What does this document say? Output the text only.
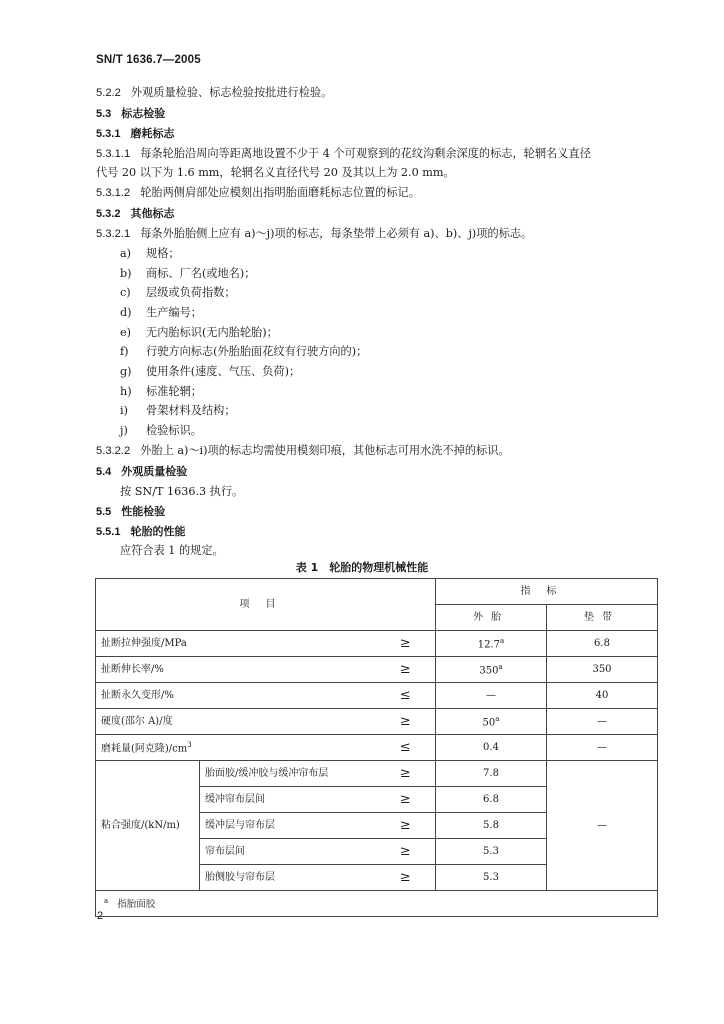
SN/T 1636.7—2005
5.2.2 外观质量检验、标志检验按批进行检验。
5.3 标志检验
5.3.1 磨耗标志
5.3.1.1 每条轮胎沿周向等距离地设置不少于 4 个可观察到的花纹沟剩余深度的标志，轮辋名义直径
代号 20 以下为 1.6 mm，轮辋名义直径代号 20 及其以上为 2.0 mm。
5.3.1.2 轮胎两侧肩部处应模刻出指明胎面磨耗标志位置的标记。
5.3.2 其他标志
5.3.2.1 每条外胎胎侧上应有 a)～j)项的标志，每条垫带上必须有 a)、b)、j)项的标志。
a) 规格；
b) 商标、厂名(或地名)；
c) 层级或负荷指数；
d) 生产编号；
e) 无内胎标识(无内胎轮胎)；
f) 行驶方向标志(外胎胎面花纹有行驶方向的)；
g) 使用条件(速度、气压、负荷)；
h) 标准轮辋；
i) 骨架材料及结构；
j) 检验标识。
5.3.2.2 外胎上 a)～i)项的标志均需使用模刻印痕，其他标志可用水洗不掉的标识。
5.4 外观质量检验
按 SN/T 1636.3 执行。
5.5 性能检验
5.5.1 轮胎的性能
应符合表 1 的规定。
表 1　轮胎的物理机械性能
项目			指标	
			外胎	垫带
扯断拉伸强度/MPa		≥	12.7$^a$	6.8
扯断伸长率/%		≥	$350^a$	350
扯断永久变形/%		≤	—	40
硬度(邵尔 A)/度		≥	$50^a$	—
磨耗量(阿克隆)$/cm^3$		≤	0.4	—
粘合强度/(kN/m)	胎面胶/缓冲胶与缓冲帘布层	≥	7.8	—
	缓冲帘布层间	≥	6.8	
	缓冲层与帘布层	≥	5.8	
	帘布层间	≥	5.3	
	胎侧胶与帘布层	≥	5.3	
$^a$ 指胎面胶				
2
